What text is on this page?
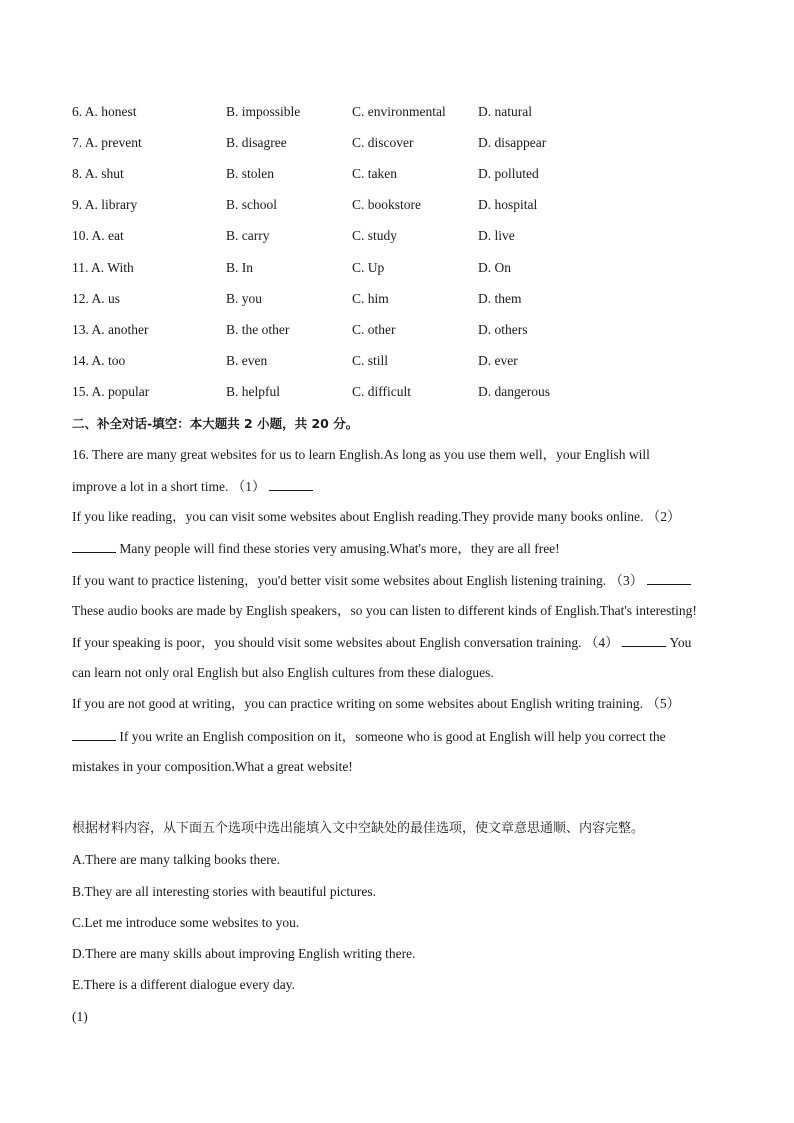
6. A. honest	B. impossible	C. environmental D. natural
7. A. prevent	B. disagree	C. discover	D. disappear
8. A. shut	B. stolen	C. taken	D. polluted
9. A. library	B. school	C. bookstore	D. hospital
10. A. eat	B. carry	C. study	D. live
11. A. With	B. In	C. Up	D. On
12. A. us	B. you	C. him	D. them
13. A. another	B. the other	C. other	D. others
14. A. too	B. even	C. still	D. ever
15. A. popular	B. helpful	C. difficult	D. dangerous
二、补全对话-填空：本大题共 2 小题，共 20 分。
16. There are many great websites for us to learn English.As long as you use them well，your English will
improve a lot in a short time. （1）
If you like reading，you can visit some websites about English reading.They provide many books online. （2）
Many people will find these stories very amusing.What's more，they are all free!
If you want to practice listening，you'd better visit some websites about English listening training. （3）
These audio books are made by English speakers，so you can listen to different kinds of English.That's interesting!
If your speaking is poor，you should visit some websites about English conversation training. （4）	You
can learn not only oral English but also English cultures from these dialogues.
If you are not good at writing，you can practice writing on some websites about English writing training. （5）
If you write an English composition on it，someone who is good at English will help you correct the
mistakes in your composition.What a great website!
根据材料内容，从下面五个选项中选出能填入文中空缺处的最佳选项，使文章意思通顺、内容完整。
A.There are many talking books there.
B.They are all interesting stories with beautiful pictures.
C.Let me introduce some websites to you.
D.There are many skills about improving English writing there.
E.There is a different dialogue every day.
(1)
